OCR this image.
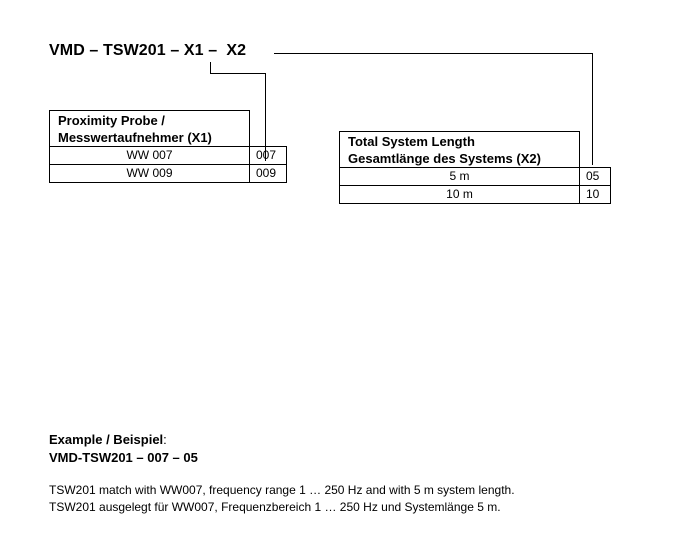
VMD – TSW201 – X1 – X2
Proximity Probe /
Messwertaufnehmer (X1)	

WW 007	007
WW 009	009
Total System Length
Gesamtlänge des Systems (X2)	

5 m	05
10 m	10
Example / Beispiel:
VMD-TSW201 – 007 – 05
TSW201 match with WW007, frequency range 1 … 250 Hz and with 5 m system length.
TSW201 ausgelegt für WW007, Frequenzbereich 1 … 250 Hz und Systemlänge 5 m.
